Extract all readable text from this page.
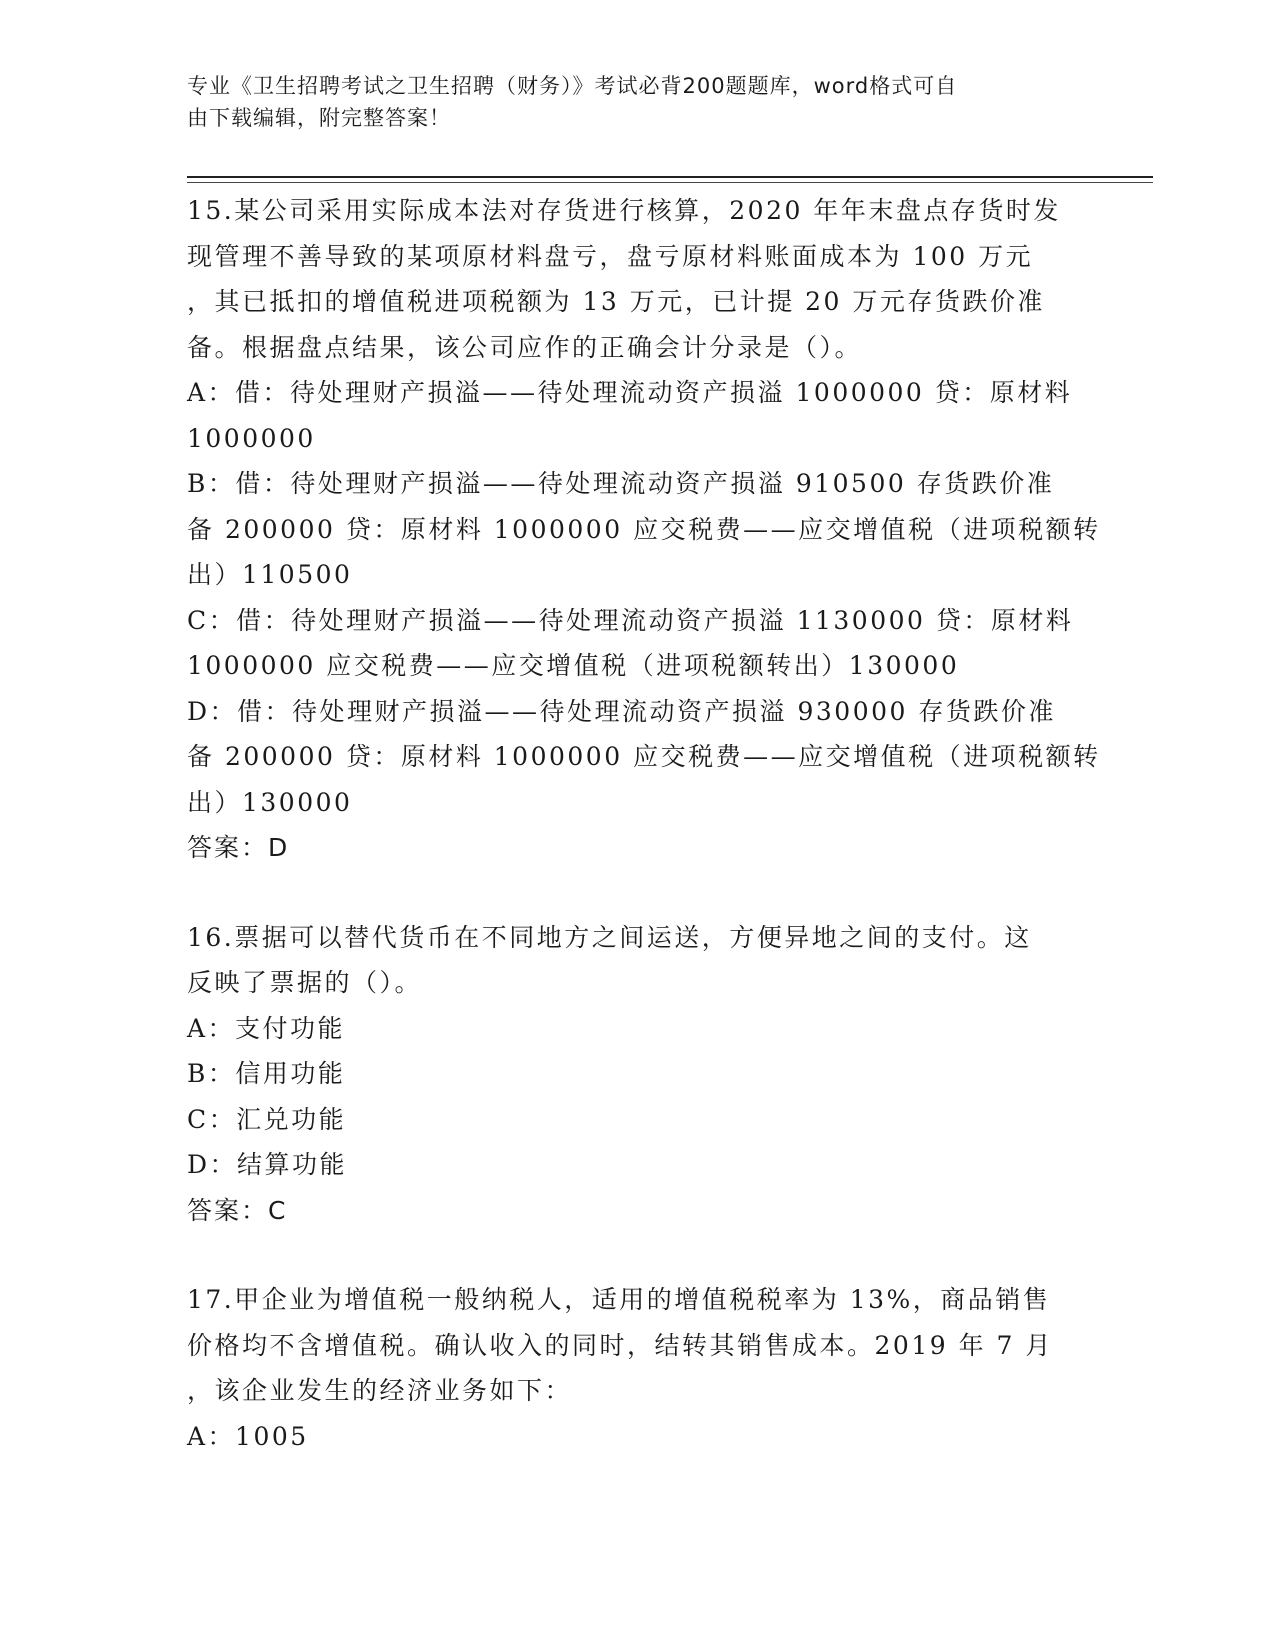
专业《卫生招聘考试之卫生招聘（财务）》考试必背200题题库，word格式可自
由下载编辑，附完整答案！
15.某公司采用实际成本法对存货进行核算，2020 年年末盘点存货时发
现管理不善导致的某项原材料盘亏，盘亏原材料账面成本为 100 万元
，其已抵扣的增值税进项税额为 13 万元，已计提 20 万元存货跌价准
备。根据盘点结果，该公司应作的正确会计分录是（）。
A：借：待处理财产损溢——待处理流动资产损溢 1000000 贷：原材料
1000000
B：借：待处理财产损溢——待处理流动资产损溢 910500 存货跌价准
备 200000 贷：原材料 1000000 应交税费——应交增值税（进项税额转
出）110500
C：借：待处理财产损溢——待处理流动资产损溢 1130000 贷：原材料
1000000 应交税费——应交增值税（进项税额转出）130000
D：借：待处理财产损溢——待处理流动资产损溢 930000 存货跌价准
备 200000 贷：原材料 1000000 应交税费——应交增值税（进项税额转
出）130000
答案：D
16.票据可以替代货币在不同地方之间运送，方便异地之间的支付。这
反映了票据的（）。
A：支付功能
B：信用功能
C：汇兑功能
D：结算功能
答案：C
17.甲企业为增值税一般纳税人，适用的增值税税率为 13%，商品销售
价格均不含增值税。确认收入的同时，结转其销售成本。2019 年 7 月
，该企业发生的经济业务如下：
A：1005
